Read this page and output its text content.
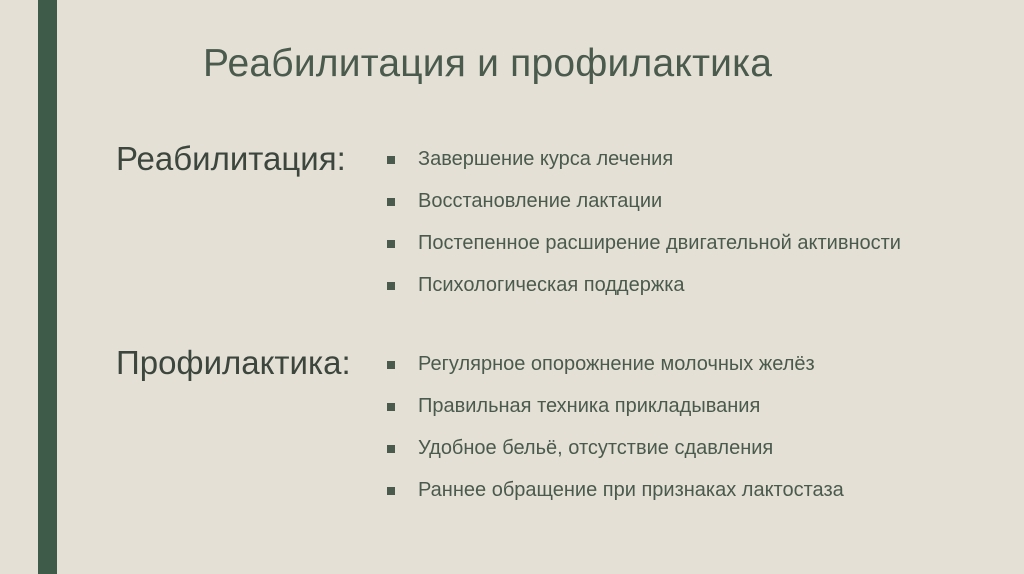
Реабилитация и профилактика
Реабилитация:	Завершение курса лечения
Восстановление лактации
Постепенное расширение двигательной активности
Психологическая поддержка
Профилактика:	Регулярное опорожнение молочных желёз
Правильная техника прикладывания
Удобное бельё, отсутствие сдавления
Раннее обращение при признаках лактостаза
